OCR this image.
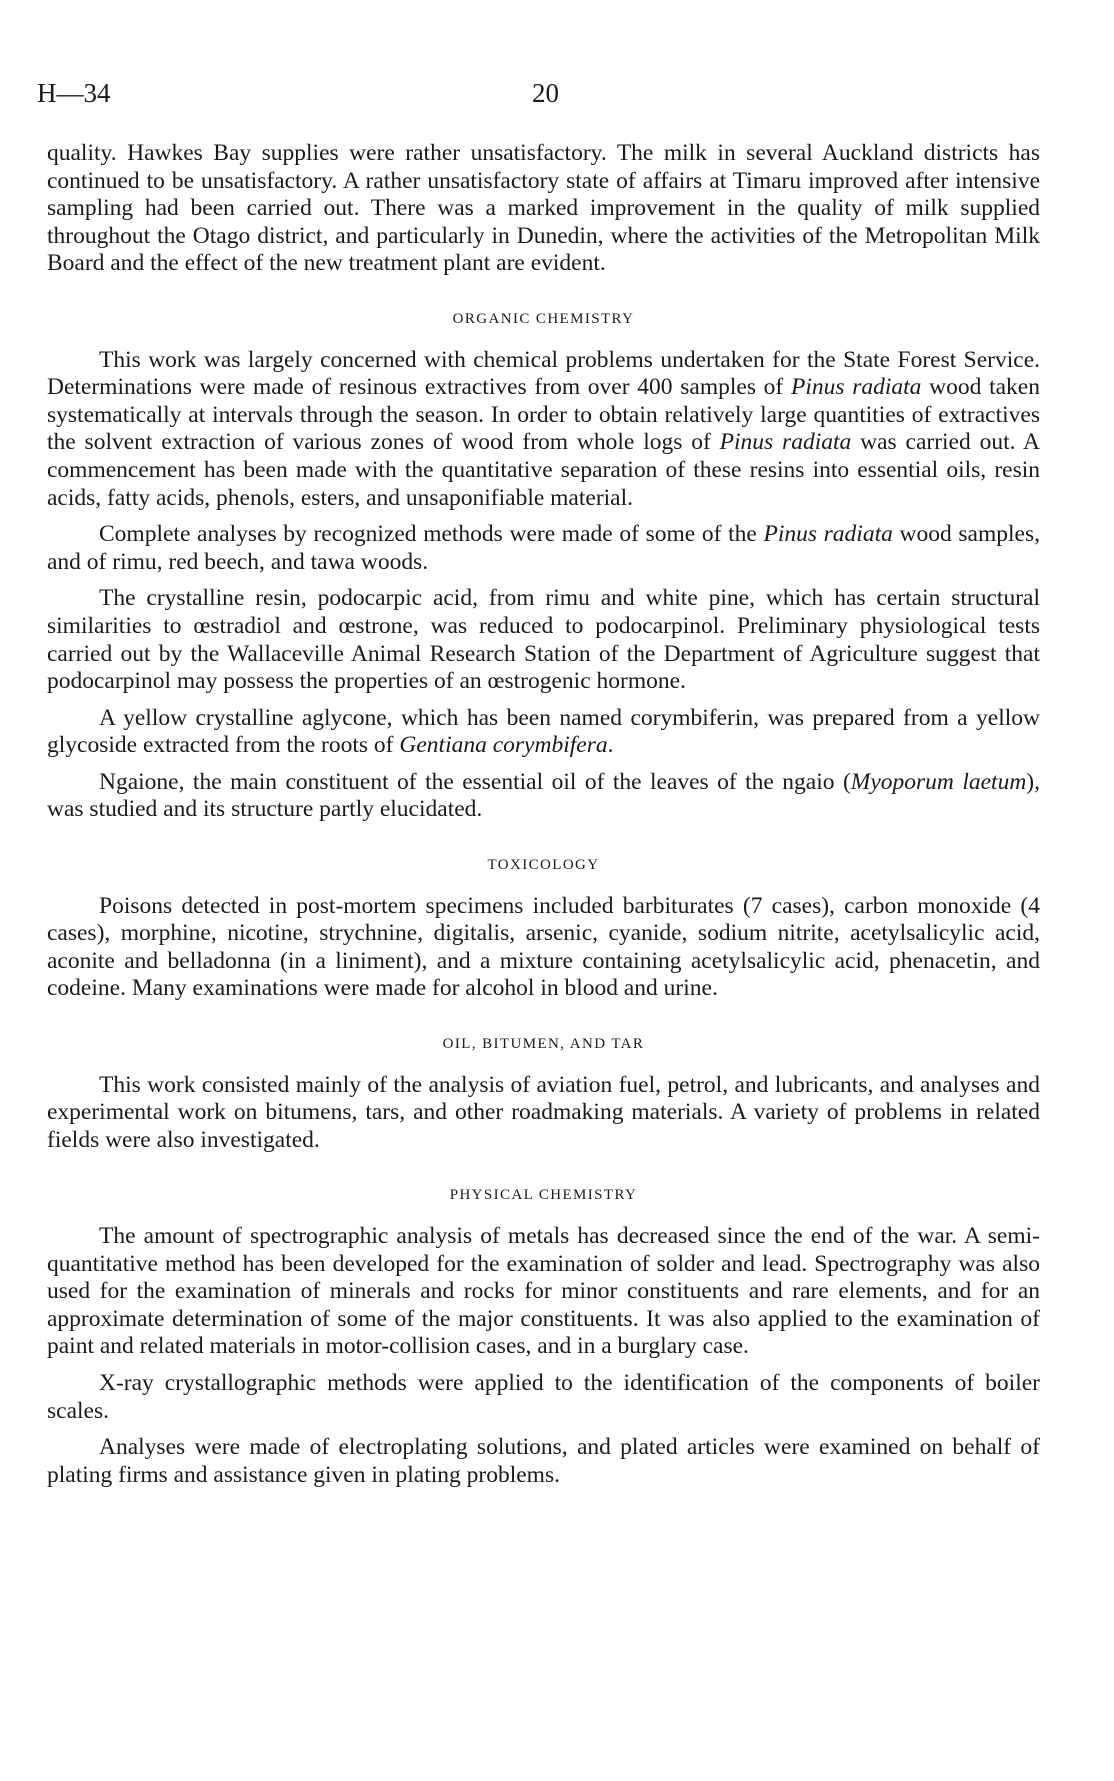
H—34	20

quality. Hawkes Bay supplies were rather unsatisfactory. The milk in several Auckland districts has continued to be unsatisfactory. A rather unsatisfactory state of affairs at Timaru improved after intensive sampling had been carried out. There was a marked improvement in the quality of milk supplied throughout the Otago district, and particularly in Dunedin, where the activities of the Metropolitan Milk Board and the effect of the new treatment plant are evident.

ORGANIC CHEMISTRY

This work was largely concerned with chemical problems undertaken for the State Forest Service. Determinations were made of resinous extractives from over 400 samples of Pinus radiata wood taken systematically at intervals through the season. In order to obtain relatively large quantities of extractives the solvent extraction of various zones of wood from whole logs of Pinus radiata was carried out. A commencement has been made with the quantitative separation of these resins into essential oils, resin acids, fatty acids, phenols, esters, and unsaponifiable material.

Complete analyses by recognized methods were made of some of the Pinus radiata wood samples, and of rimu, red beech, and tawa woods.

The crystalline resin, podocarpic acid, from rimu and white pine, which has certain structural similarities to œstradiol and œstrone, was reduced to podocarpinol. Preliminary physiological tests carried out by the Wallaceville Animal Research Station of the Department of Agriculture suggest that podocarpinol may possess the properties of an œstrogenic hormone.

A yellow crystalline aglycone, which has been named corymbiferin, was prepared from a yellow glycoside extracted from the roots of Gentiana corymbifera.

Ngaione, the main constituent of the essential oil of the leaves of the ngaio (Myoporum laetum), was studied and its structure partly elucidated.

TOXICOLOGY

Poisons detected in post-mortem specimens included barbiturates (7 cases), carbon monoxide (4 cases), morphine, nicotine, strychnine, digitalis, arsenic, cyanide, sodium nitrite, acetylsalicylic acid, aconite and belladonna (in a liniment), and a mixture containing acetylsalicylic acid, phenacetin, and codeine. Many examinations were made for alcohol in blood and urine.

OIL, BITUMEN, AND TAR

This work consisted mainly of the analysis of aviation fuel, petrol, and lubricants, and analyses and experimental work on bitumens, tars, and other roadmaking materials. A variety of problems in related fields were also investigated.

PHYSICAL CHEMISTRY

The amount of spectrographic analysis of metals has decreased since the end of the war. A semi-quantitative method has been developed for the examination of solder and lead. Spectrography was also used for the examination of minerals and rocks for minor constituents and rare elements, and for an approximate determination of some of the major constituents. It was also applied to the examination of paint and related materials in motor-collision cases, and in a burglary case.

X-ray crystallographic methods were applied to the identification of the components of boiler scales.

Analyses were made of electroplating solutions, and plated articles were examined on behalf of plating firms and assistance given in plating problems.
